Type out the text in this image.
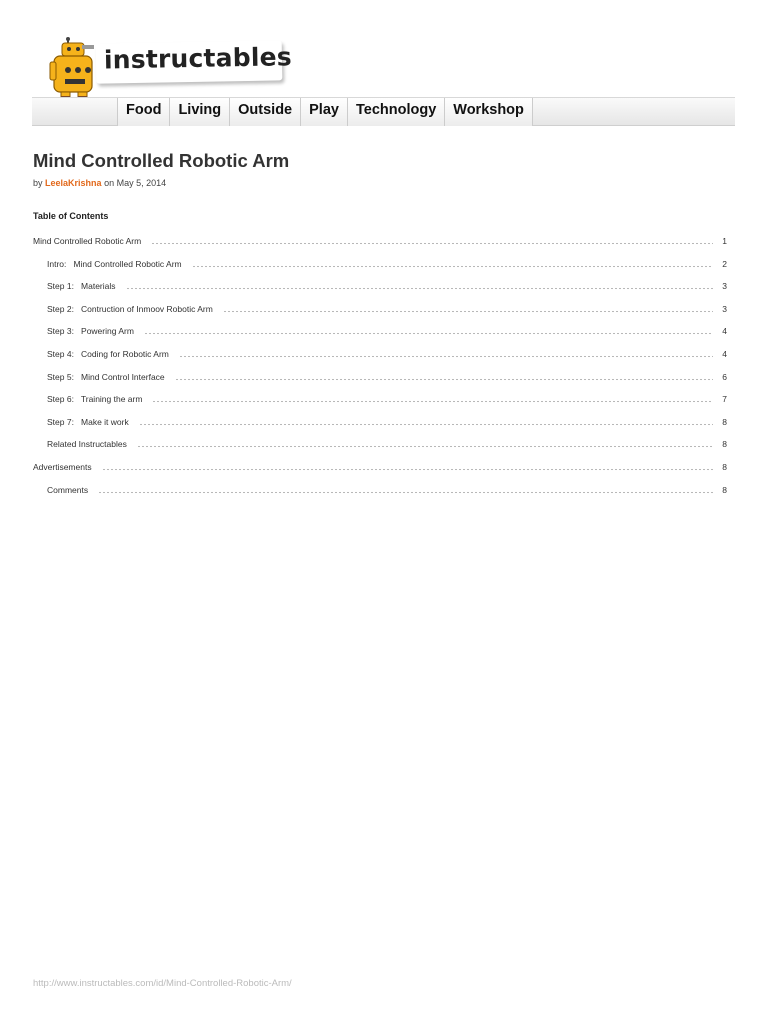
instructables
Food	Living	Outside	Play	Technology	Workshop
Mind Controlled Robotic Arm
by LeelaKrishna on May 5, 2014
Table of Contents
Mind Controlled Robotic Arm	1
Intro:   Mind Controlled Robotic Arm	2
Step 1:   Materials	3
Step 2:   Contruction of Inmoov Robotic Arm	3
Step 3:   Powering Arm	4
Step 4:   Coding for Robotic Arm	4
Step 5:   Mind Control Interface	6
Step 6:   Training the arm	7
Step 7:   Make it work	8
Related Instructables	8
Advertisements	8
Comments	8
http://www.instructables.com/id/Mind-Controlled-Robotic-Arm/
